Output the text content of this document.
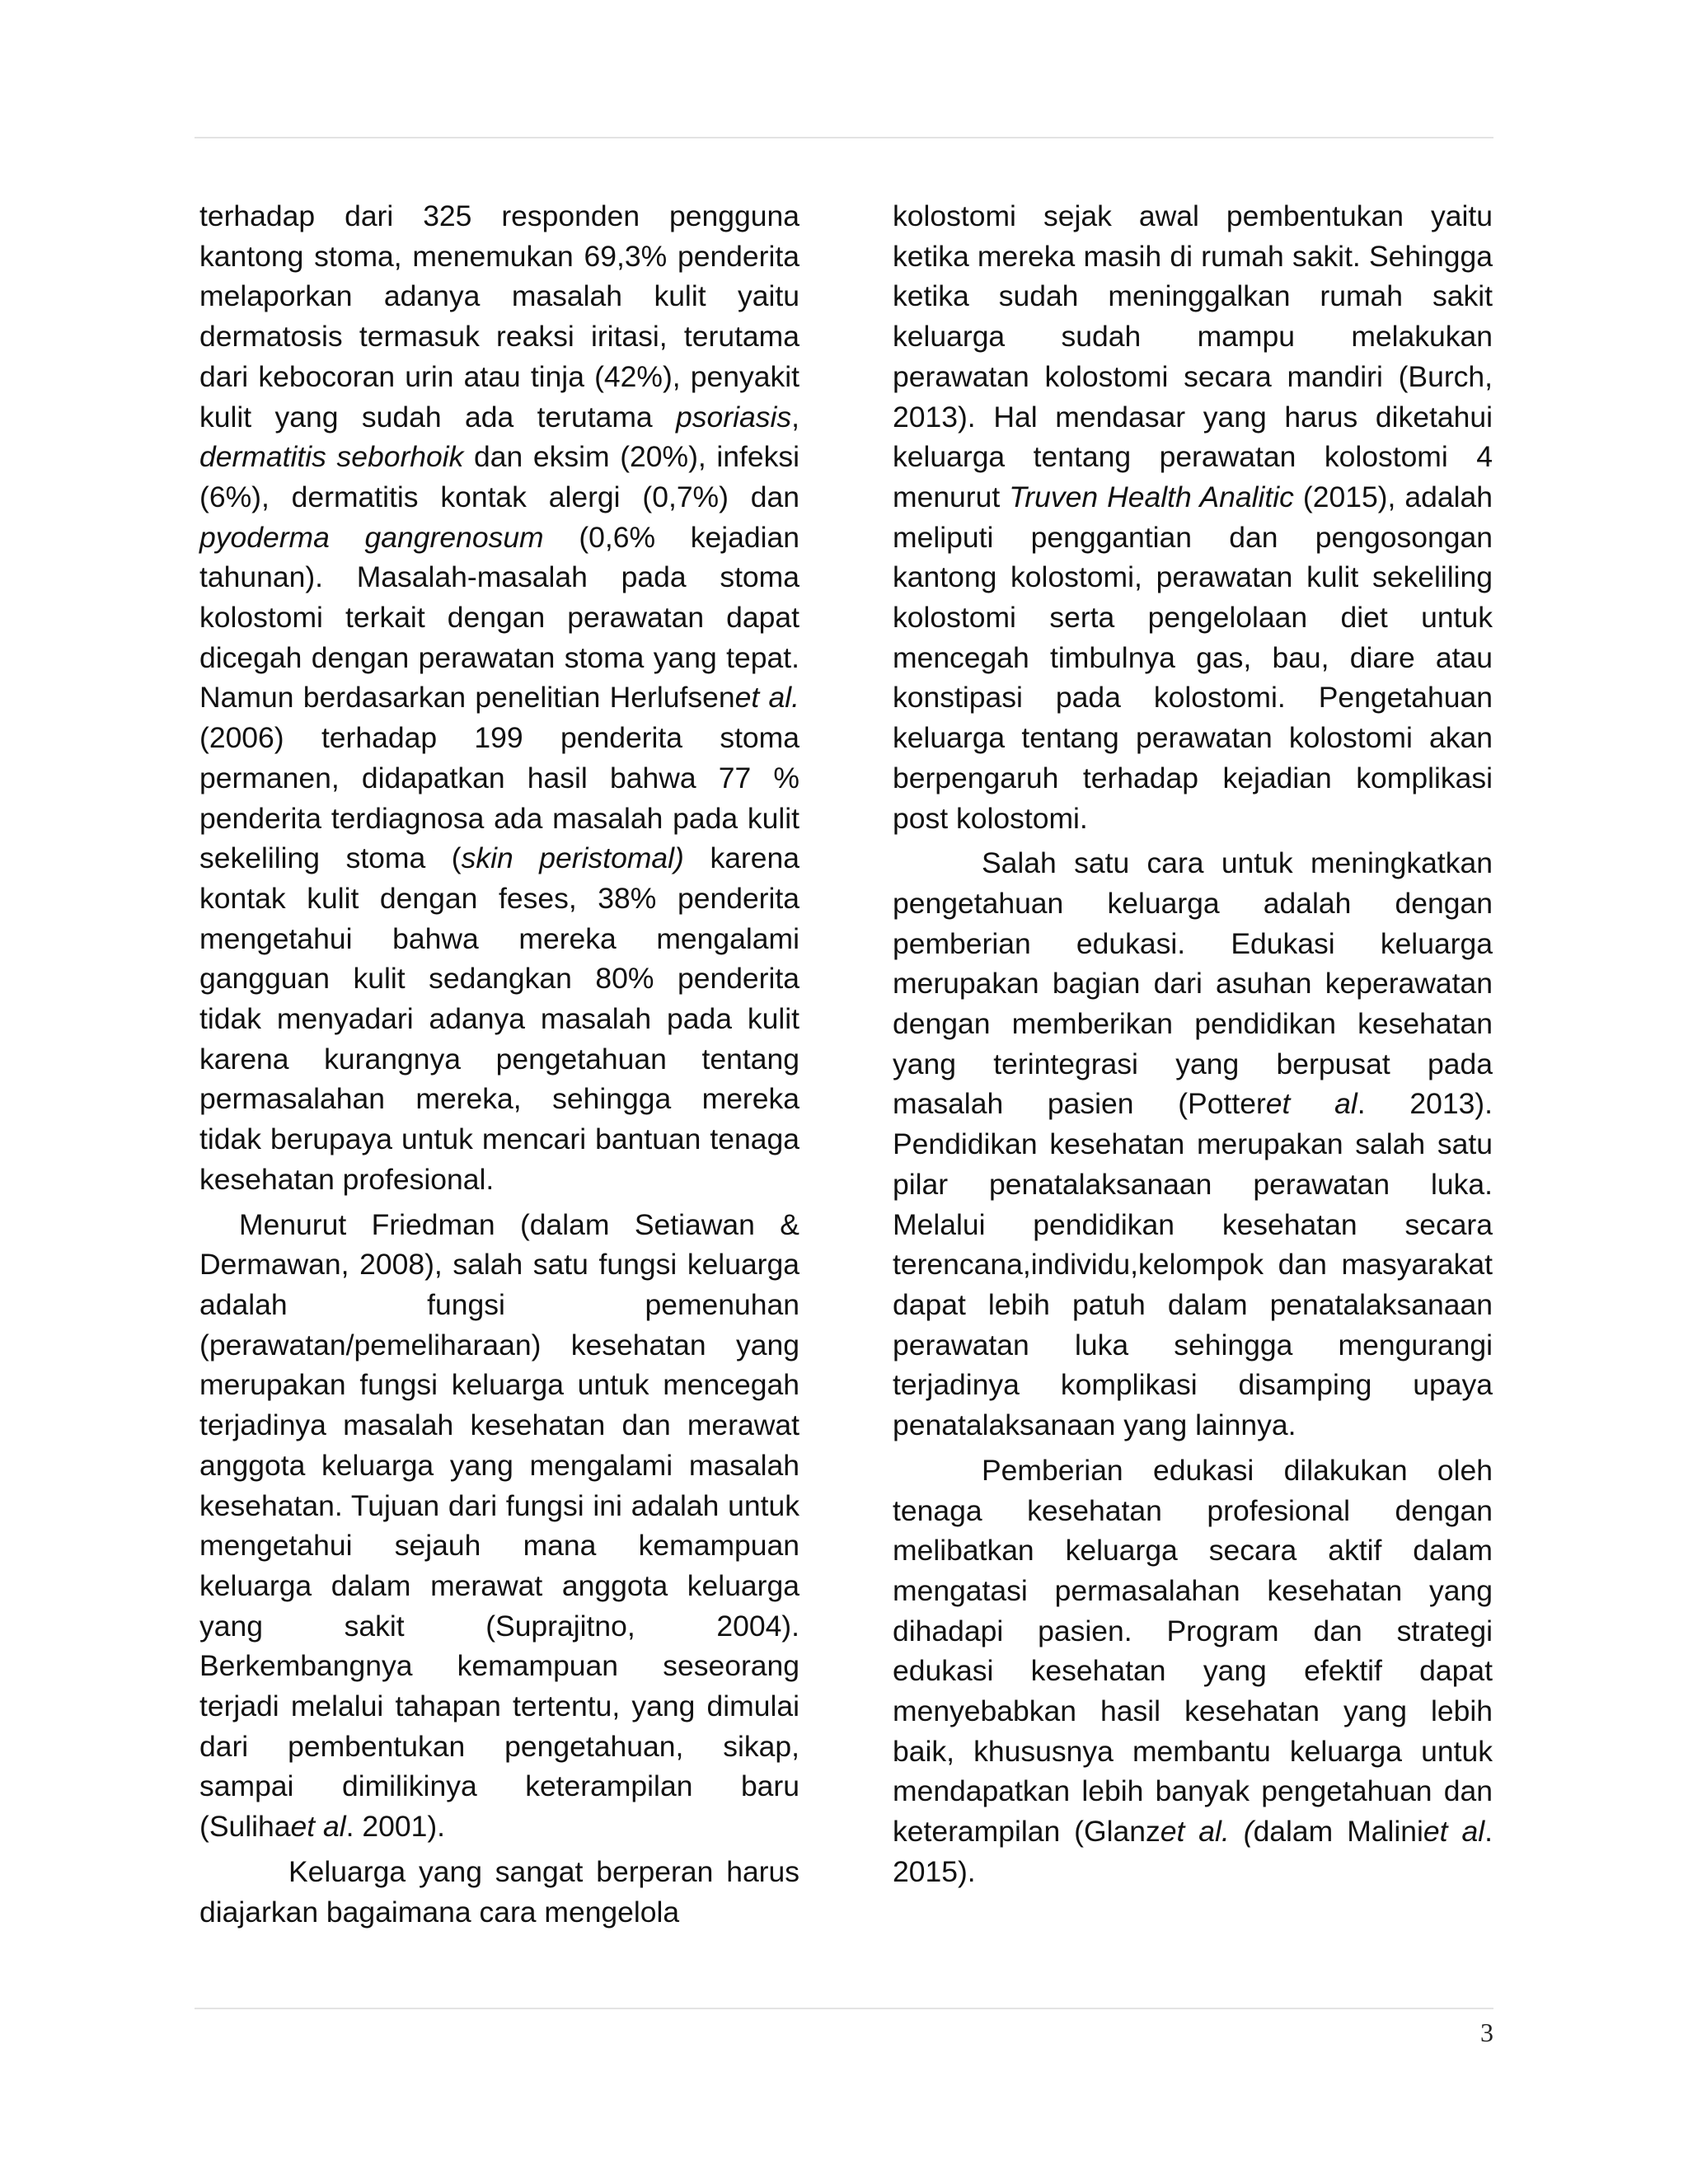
terhadap dari 325 responden pengguna kantong stoma, menemukan 69,3% penderita melaporkan adanya masalah kulit yaitu dermatosis termasuk reaksi iritasi, terutama dari kebocoran urin atau tinja (42%), penyakit kulit yang sudah ada terutama psoriasis, dermatitis seborhoik dan eksim (20%), infeksi (6%), dermatitis kontak alergi (0,7%) dan pyoderma gangrenosum (0,6% kejadian tahunan). Masalah-masalah pada stoma kolostomi terkait dengan perawatan dapat dicegah dengan perawatan stoma yang tepat. Namun berdasarkan penelitian Herlufsenet al. (2006) terhadap 199 penderita stoma permanen, didapatkan hasil bahwa 77 % penderita terdiagnosa ada masalah pada kulit sekeliling stoma (skin peristomal) karena kontak kulit dengan feses, 38% penderita mengetahui bahwa mereka mengalami gangguan kulit sedangkan 80% penderita tidak menyadari adanya masalah pada kulit karena kurangnya pengetahuan tentang permasalahan mereka, sehingga mereka tidak berupaya untuk mencari bantuan tenaga kesehatan profesional.

Menurut Friedman (dalam Setiawan & Dermawan, 2008), salah satu fungsi keluarga adalah fungsi pemenuhan (perawatan/pemeliharaan) kesehatan yang merupakan fungsi keluarga untuk mencegah terjadinya masalah kesehatan dan merawat anggota keluarga yang mengalami masalah kesehatan. Tujuan dari fungsi ini adalah untuk mengetahui sejauh mana kemampuan keluarga dalam merawat anggota keluarga yang sakit (Suprajitno, 2004). Berkembangnya kemampuan seseorang terjadi melalui tahapan tertentu, yang dimulai dari pembentukan pengetahuan, sikap, sampai dimilikinya keterampilan baru (Sulihaet al. 2001).

Keluarga yang sangat berperan harus diajarkan bagaimana cara mengelola

kolostomi sejak awal pembentukan yaitu ketika mereka masih di rumah sakit. Sehingga ketika sudah meninggalkan rumah sakit keluarga sudah mampu melakukan perawatan kolostomi secara mandiri (Burch, 2013). Hal mendasar yang harus diketahui keluarga tentang perawatan kolostomi 4 menurut Truven Health Analitic (2015), adalah meliputi penggantian dan pengosongan kantong kolostomi, perawatan kulit sekeliling kolostomi serta pengelolaan diet untuk mencegah timbulnya gas, bau, diare atau konstipasi pada kolostomi. Pengetahuan keluarga tentang perawatan kolostomi akan berpengaruh terhadap kejadian komplikasi post kolostomi.

Salah satu cara untuk meningkatkan pengetahuan keluarga adalah dengan pemberian edukasi. Edukasi keluarga merupakan bagian dari asuhan keperawatan dengan memberikan pendidikan kesehatan yang terintegrasi yang berpusat pada masalah pasien (Potteret al. 2013). Pendidikan kesehatan merupakan salah satu pilar penatalaksanaan perawatan luka. Melalui pendidikan kesehatan secara terencana,individu,kelompok dan masyarakat dapat lebih patuh dalam penatalaksanaan perawatan luka sehingga mengurangi terjadinya komplikasi disamping upaya penatalaksanaan yang lainnya.

Pemberian edukasi dilakukan oleh tenaga kesehatan profesional dengan melibatkan keluarga secara aktif dalam mengatasi permasalahan kesehatan yang dihadapi pasien. Program dan strategi edukasi kesehatan yang efektif dapat menyebabkan hasil kesehatan yang lebih baik, khususnya membantu keluarga untuk mendapatkan lebih banyak pengetahuan dan keterampilan (Glanzet al. (dalam Maliniet al. 2015).

3
